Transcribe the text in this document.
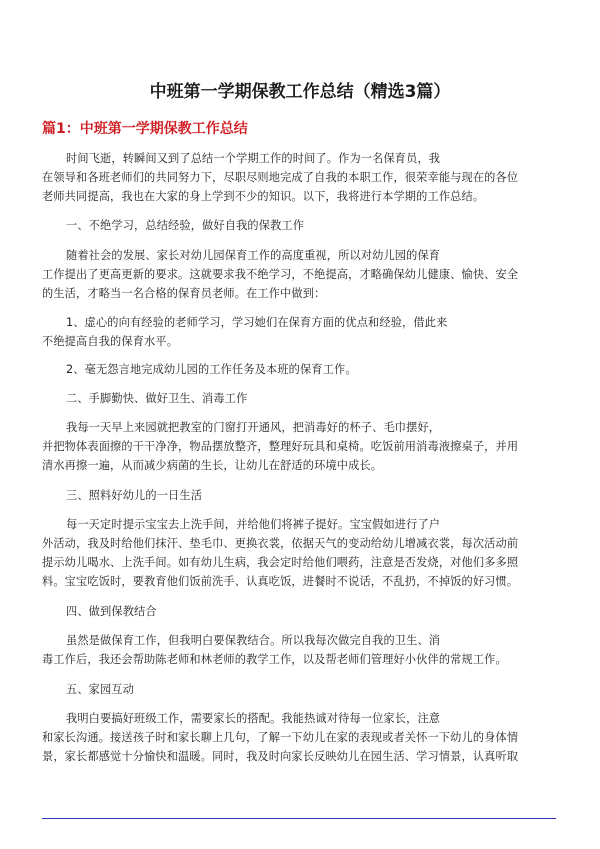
中班第一学期保教工作总结（精选3篇）
篇1：中班第一学期保教工作总结
时间飞逝，转瞬间又到了总结一个学期工作的时间了。作为一名保育员，我
在领导和各班老师们的共同努力下，尽职尽则地完成了自我的本职工作，很荣幸能与现在的各位
老师共同提高，我也在大家的身上学到不少的知识。以下，我将进行本学期的工作总结。
一、不绝学习，总结经验，做好自我的保教工作
随着社会的发展、家长对幼儿园保育工作的高度重视，所以对幼儿园的保育
工作提出了更高更新的要求。这就要求我不绝学习，不绝提高，才略确保幼儿健康、愉快、安全
的生活，才略当一名合格的保育员老师。在工作中做到：
1、虚心的向有经验的老师学习，学习她们在保育方面的优点和经验，借此来
不绝提高自我的保育水平。
2、毫无怨言地完成幼儿园的工作任务及本班的保育工作。
二、手脚勤快、做好卫生、消毒工作
我每一天早上来园就把教室的门窗打开通风，把消毒好的杯子、毛巾摆好，
并把物体表面擦的干干净净，物品摆放整齐，整理好玩具和桌椅。吃饭前用消毒液擦桌子，并用
清水再擦一遍，从而减少病菌的生长，让幼儿在舒适的环境中成长。
三、照料好幼儿的一日生活
每一天定时提示宝宝去上洗手间，并给他们将裤子提好。宝宝假如进行了户
外活动，我及时给他们抹汗、垫毛巾、更换衣裳，依据天气的变动给幼儿增减衣裳，每次活动前
提示幼儿喝水、上洗手间。如有幼儿生病，我会定时给他们喂药，注意是否发烧，对他们多多照
料。宝宝吃饭时，要教育他们饭前洗手、认真吃饭，进餐时不说话，不乱扔，不掉饭的好习惯。
四、做到保教结合
虽然是做保育工作，但我明白要保教结合。所以我每次做完自我的卫生、消
毒工作后，我还会帮助陈老师和林老师的教学工作，以及帮老师们管理好小伙伴的常规工作。
五、家园互动
我明白要搞好班级工作，需要家长的搭配。我能热诚对待每一位家长，注意
和家长沟通。接送孩子时和家长聊上几句，了解一下幼儿在家的表现或者关怀一下幼儿的身体情
景，家长都感觉十分愉快和温暖。同时，我及时向家长反映幼儿在园生活、学习情景，认真听取
